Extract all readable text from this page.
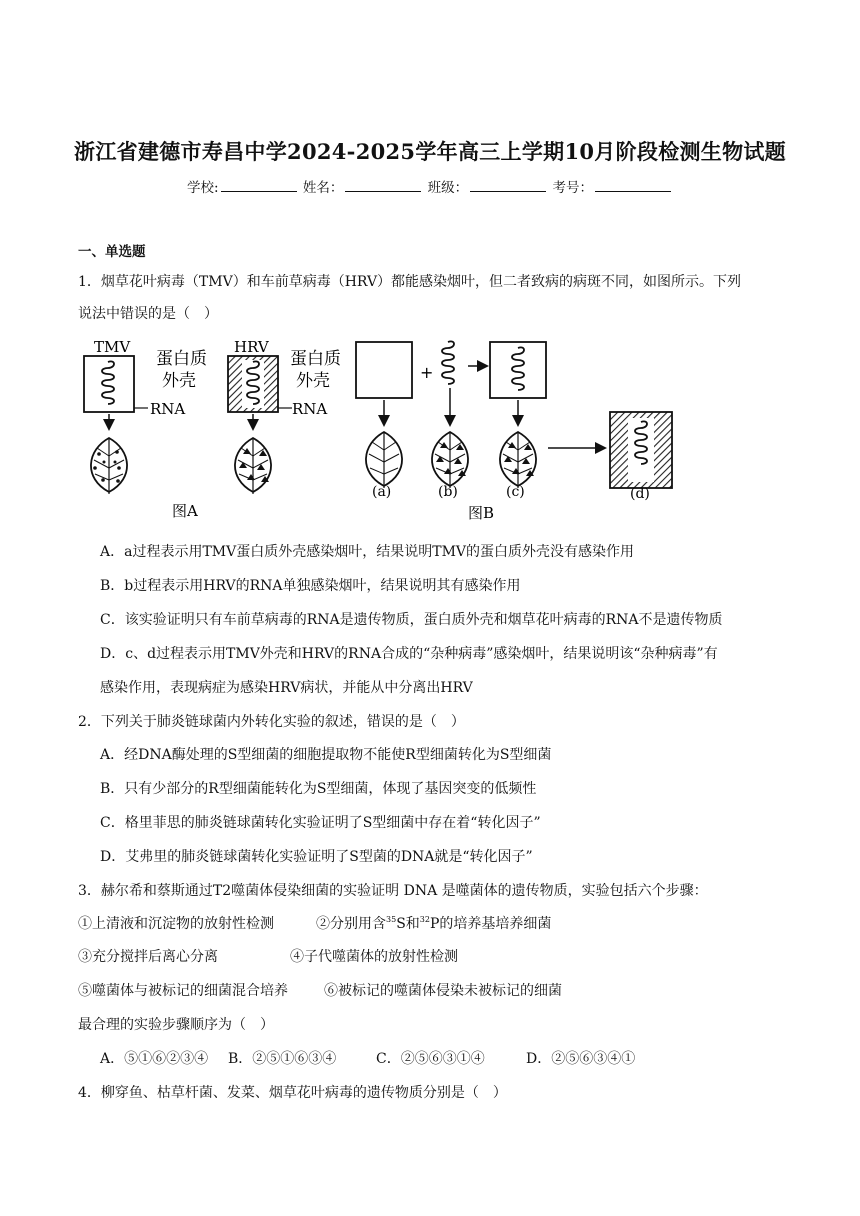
浙江省建德市寿昌中学2024-2025学年高三上学期10月阶段检测生物试题
学校:	姓名：	班级：	考号：
一、单选题
1．烟草花叶病毒（TMV）和车前草病毒（HRV）都能感染烟叶，但二者致病的病斑不同，如图所示。下列
说法中错误的是（　）
TMV
蛋白质
外壳
RNA
图A
HRV
蛋白质
外壳
RNA
+
(a)	(b)	(c)	(d)
图B
A．a过程表示用TMV蛋白质外壳感染烟叶，结果说明TMV的蛋白质外壳没有感染作用
B．b过程表示用HRV的RNA单独感染烟叶，结果说明其有感染作用
C．该实验证明只有车前草病毒的RNA是遗传物质，蛋白质外壳和烟草花叶病毒的RNA不是遗传物质
D．c、d过程表示用TMV外壳和HRV的RNA合成的“杂种病毒”感染烟叶，结果说明该“杂种病毒”有
感染作用，表现病症为感染HRV病状，并能从中分离出HRV
2．下列关于肺炎链球菌内外转化实验的叙述，错误的是（　）
A．经DNA酶处理的S型细菌的细胞提取物不能使R型细菌转化为S型细菌
B．只有少部分的R型细菌能转化为S型细菌，体现了基因突变的低频性
C．格里菲思的肺炎链球菌转化实验证明了S型细菌中存在着“转化因子”
D．艾弗里的肺炎链球菌转化实验证明了S型菌的DNA就是“转化因子”
3．赫尔希和蔡斯通过T2噬菌体侵染细菌的实验证明 DNA 是噬菌体的遗传物质，实验包括六个步骤：
①上清液和沉淀物的放射性检测	②分别用含$^{35}$S和$^{32}$P的培养基培养细菌
③充分搅拌后离心分离	④子代噬菌体的放射性检测
⑤噬菌体与被标记的细菌混合培养	⑥被标记的噬菌体侵染未被标记的细菌
最合理的实验步骤顺序为（　）
A．⑤①⑥②③④ B．②⑤①⑥③④	C．②⑤⑥③①④	D．②⑤⑥③④①
4．柳穿鱼、枯草杆菌、发菜、烟草花叶病毒的遗传物质分别是（　）
